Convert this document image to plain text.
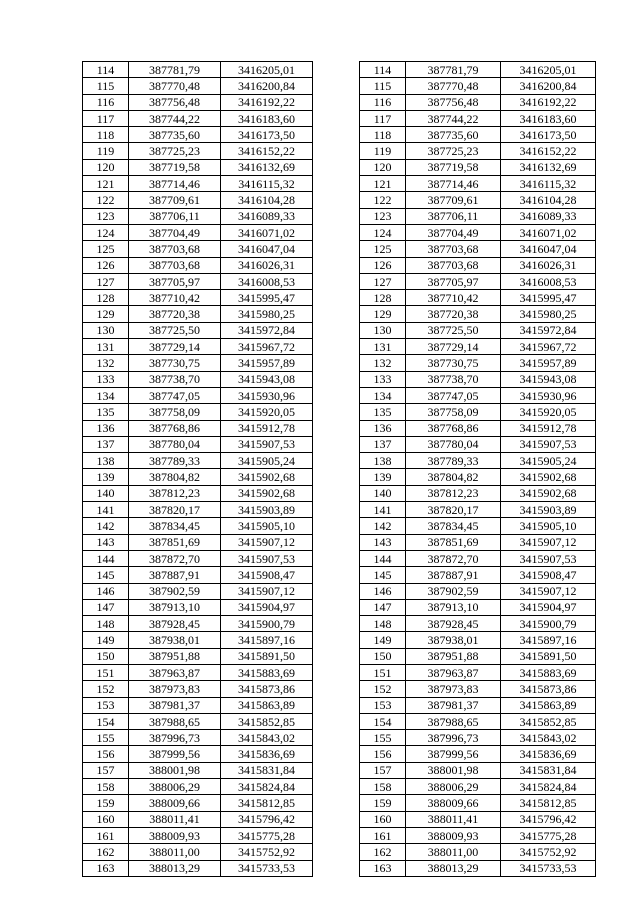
114	387781,79	3416205,01		114	387781,79	3416205,01
115	387770,48	3416200,84		115	387770,48	3416200,84
116	387756,48	3416192,22		116	387756,48	3416192,22
117	387744,22	3416183,60		117	387744,22	3416183,60
118	387735,60	3416173,50		118	387735,60	3416173,50
119	387725,23	3416152,22		119	387725,23	3416152,22
120	387719,58	3416132,69		120	387719,58	3416132,69
121	387714,46	3416115,32		121	387714,46	3416115,32
122	387709,61	3416104,28		122	387709,61	3416104,28
123	387706,11	3416089,33		123	387706,11	3416089,33
124	387704,49	3416071,02		124	387704,49	3416071,02
125	387703,68	3416047,04		125	387703,68	3416047,04
126	387703,68	3416026,31		126	387703,68	3416026,31
127	387705,97	3416008,53		127	387705,97	3416008,53
128	387710,42	3415995,47		128	387710,42	3415995,47
129	387720,38	3415980,25		129	387720,38	3415980,25
130	387725,50	3415972,84		130	387725,50	3415972,84
131	387729,14	3415967,72		131	387729,14	3415967,72
132	387730,75	3415957,89		132	387730,75	3415957,89
133	387738,70	3415943,08		133	387738,70	3415943,08
134	387747,05	3415930,96		134	387747,05	3415930,96
135	387758,09	3415920,05		135	387758,09	3415920,05
136	387768,86	3415912,78		136	387768,86	3415912,78
137	387780,04	3415907,53		137	387780,04	3415907,53
138	387789,33	3415905,24		138	387789,33	3415905,24
139	387804,82	3415902,68		139	387804,82	3415902,68
140	387812,23	3415902,68		140	387812,23	3415902,68
141	387820,17	3415903,89		141	387820,17	3415903,89
142	387834,45	3415905,10		142	387834,45	3415905,10
143	387851,69	3415907,12		143	387851,69	3415907,12
144	387872,70	3415907,53		144	387872,70	3415907,53
145	387887,91	3415908,47		145	387887,91	3415908,47
146	387902,59	3415907,12		146	387902,59	3415907,12
147	387913,10	3415904,97		147	387913,10	3415904,97
148	387928,45	3415900,79		148	387928,45	3415900,79
149	387938,01	3415897,16		149	387938,01	3415897,16
150	387951,88	3415891,50		150	387951,88	3415891,50
151	387963,87	3415883,69		151	387963,87	3415883,69
152	387973,83	3415873,86		152	387973,83	3415873,86
153	387981,37	3415863,89		153	387981,37	3415863,89
154	387988,65	3415852,85		154	387988,65	3415852,85
155	387996,73	3415843,02		155	387996,73	3415843,02
156	387999,56	3415836,69		156	387999,56	3415836,69
157	388001,98	3415831,84		157	388001,98	3415831,84
158	388006,29	3415824,84		158	388006,29	3415824,84
159	388009,66	3415812,85		159	388009,66	3415812,85
160	388011,41	3415796,42		160	388011,41	3415796,42
161	388009,93	3415775,28		161	388009,93	3415775,28
162	388011,00	3415752,92		162	388011,00	3415752,92
163	388013,29	3415733,53		163	388013,29	3415733,53
